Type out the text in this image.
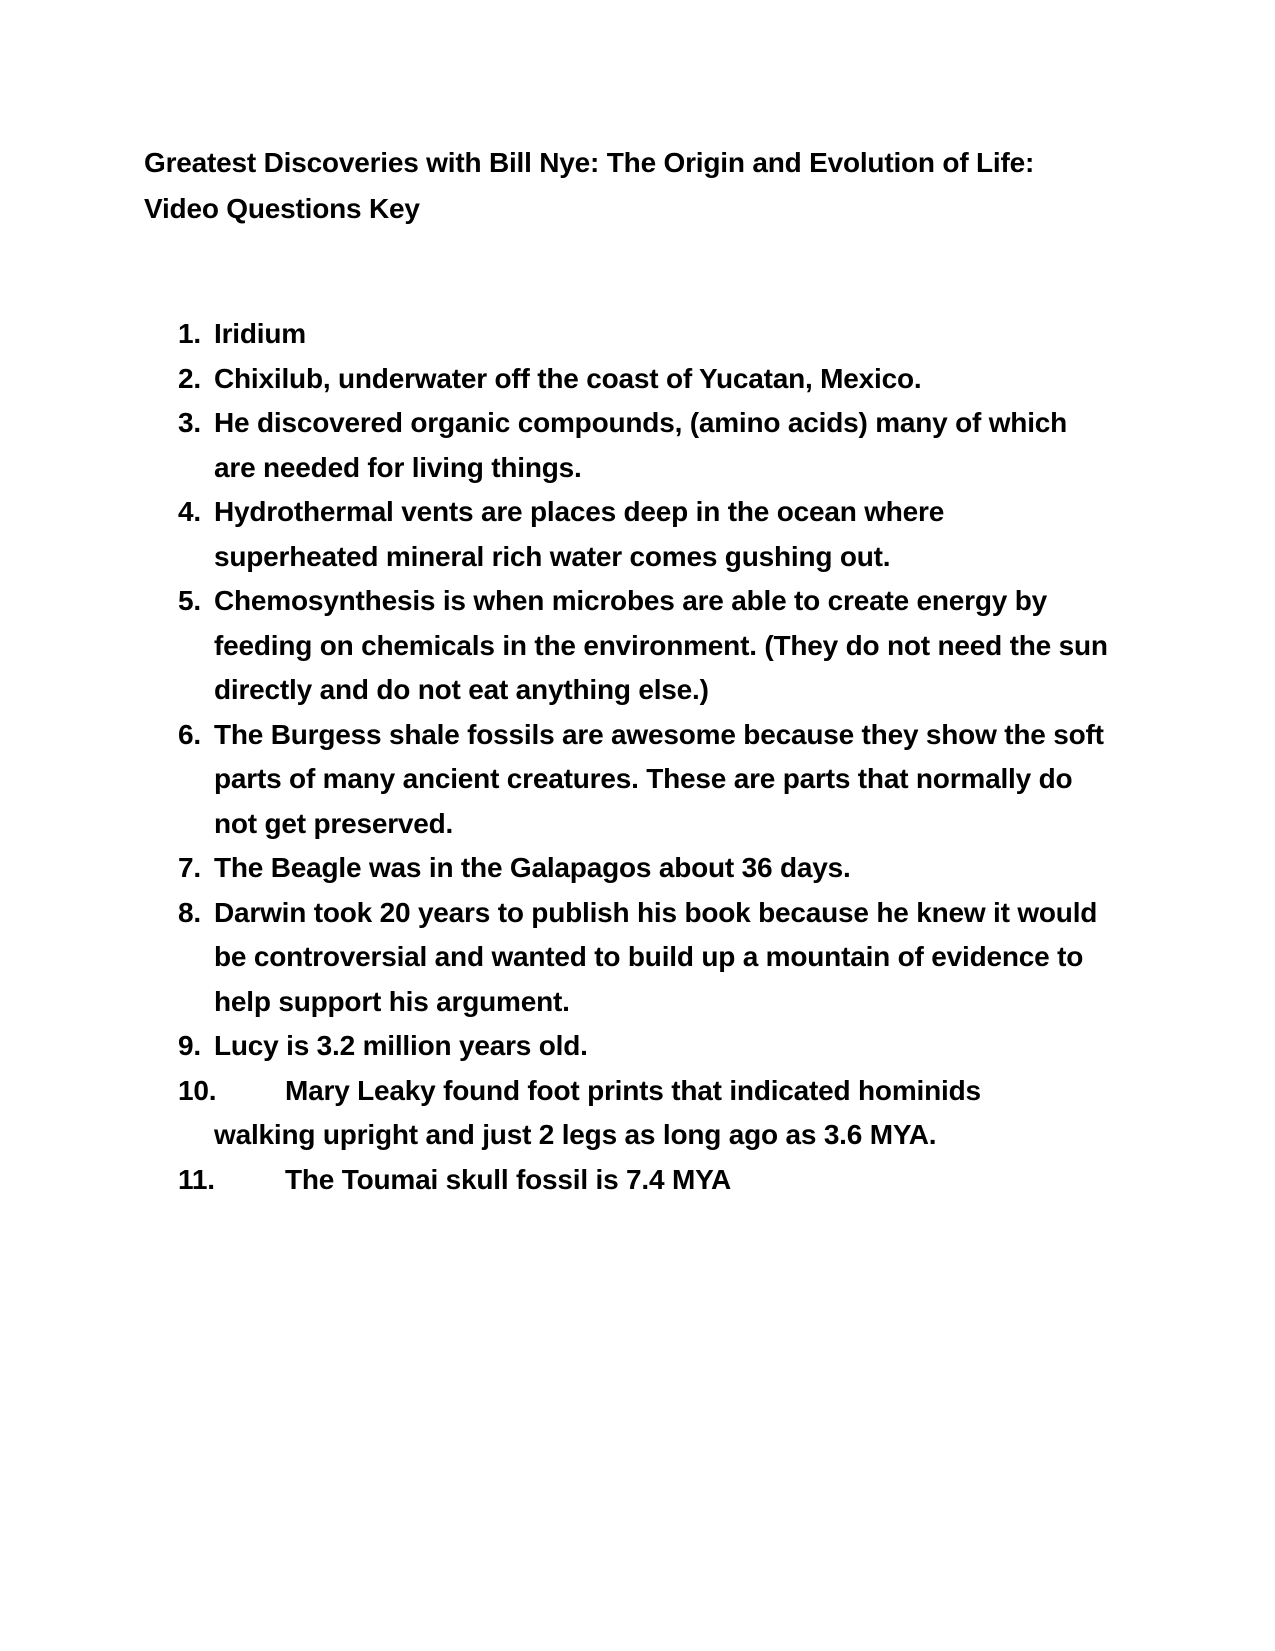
Greatest Discoveries with Bill Nye: The Origin and Evolution of Life:
Video Questions Key
1. Iridium
2. Chixilub, underwater off the coast of Yucatan, Mexico.
3. He discovered organic compounds, (amino acids) many of which are needed for living things.
4. Hydrothermal vents are places deep in the ocean where superheated mineral rich water comes gushing out.
5. Chemosynthesis is when microbes are able to create energy by feeding on chemicals in the environment. (They do not need the sun directly and do not eat anything else.)
6. The Burgess shale fossils are awesome because they show the soft parts of many ancient creatures. These are parts that normally do not get preserved.
7. The Beagle was in the Galapagos about 36 days.
8. Darwin took 20 years to publish his book because he knew it would be controversial and wanted to build up a mountain of evidence to help support his argument.
9. Lucy is 3.2 million years old.
10. Mary Leaky found foot prints that indicated hominids
walking upright and just 2 legs as long ago as 3.6 MYA.
11.	The Toumai skull fossil is 7.4 MYA
